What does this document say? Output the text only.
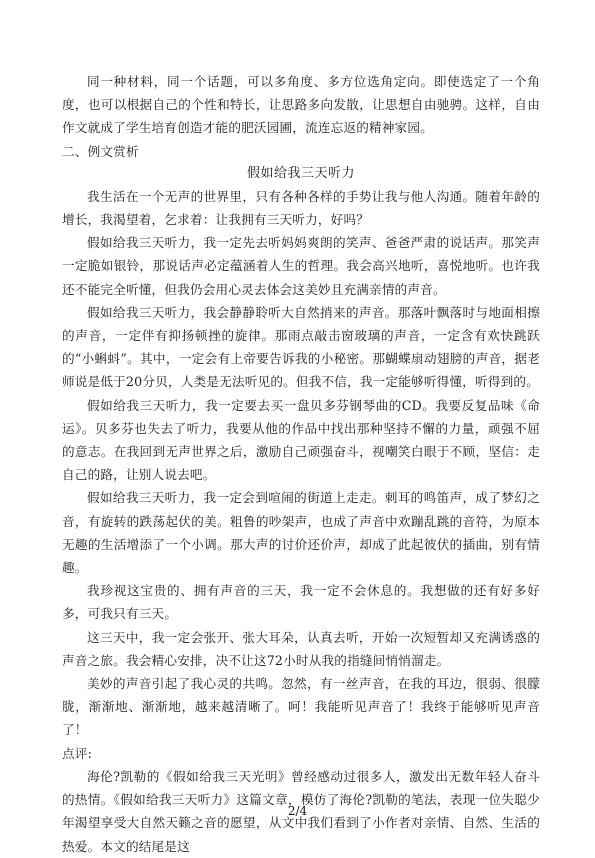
同一种材料，同一个话题，可以多角度、多方位选角定向。即使选定了一个角度，也可以根据自己的个性和特长，让思路多向发散，让思想自由驰骋。这样，自由作文就成了学生培育创造才能的肥沃园圃，流连忘返的精神家园。

二、例文赏析

假如给我三天听力

我生活在一个无声的世界里，只有各种各样的手势让我与他人沟通。随着年龄的增长，我渴望着，乞求着：让我拥有三天听力，好吗？

假如给我三天听力，我一定先去听妈妈爽朗的笑声、爸爸严肃的说话声。那笑声一定脆如银铃，那说话声必定蕴涵着人生的哲理。我会高兴地听，喜悦地听。也许我还不能完全听懂，但我仍会用心灵去体会这美妙且充满亲情的声音。

假如给我三天听力，我会静静聆听大自然捎来的声音。那落叶飘落时与地面相擦的声音，一定伴有抑扬顿挫的旋律。那雨点敲击窗玻璃的声音，一定含有欢快跳跃的“小蝌蚪”。其中，一定会有上帝要告诉我的小秘密。那蝴蝶扇动翅膀的声音，据老师说是低于20分贝，人类是无法听见的。但我不信，我一定能够听得懂，听得到的。

假如给我三天听力，我一定要去买一盘贝多芬钢琴曲的CD。我要反复品味《命运》。贝多芬也失去了听力，我要从他的作品中找出那种坚持不懈的力量，顽强不屈的意志。在我回到无声世界之后，激励自己顽强奋斗，视嘲笑白眼于不顾，坚信：走自己的路，让别人说去吧。

假如给我三天听力，我一定会到喧闹的街道上走走。刺耳的鸣笛声，成了梦幻之音，有旋转的跌荡起伏的美。粗鲁的吵架声，也成了声音中欢蹦乱跳的音符，为原本无趣的生活增添了一个小调。那大声的讨价还价声，却成了此起彼伏的插曲，别有情趣。

我珍视这宝贵的、拥有声音的三天，我一定不会休息的。我想做的还有好多好多，可我只有三天。

这三天中，我一定会张开、张大耳朵，认真去听，开始一次短暂却又充满诱惑的声音之旅。我会精心安排，决不让这72小时从我的指缝间悄悄溜走。

美妙的声音引起了我心灵的共鸣。忽然，有一丝声音，在我的耳边，很弱、很朦胧，渐渐地、渐渐地，越来越清晰了。呵！我能听见声音了！我终于能够听见声音了！

点评:

海伦?凯勒的《假如给我三天光明》曾经感动过很多人，激发出无数年轻人奋斗的热情。《假如给我三天听力》这篇文章，模仿了海伦?凯勒的笔法，表现一位失聪少年渴望享受大自然天籁之音的愿望，从文中我们看到了小作者对亲情、自然、生活的热爱。本文的结尾是这

2/4
